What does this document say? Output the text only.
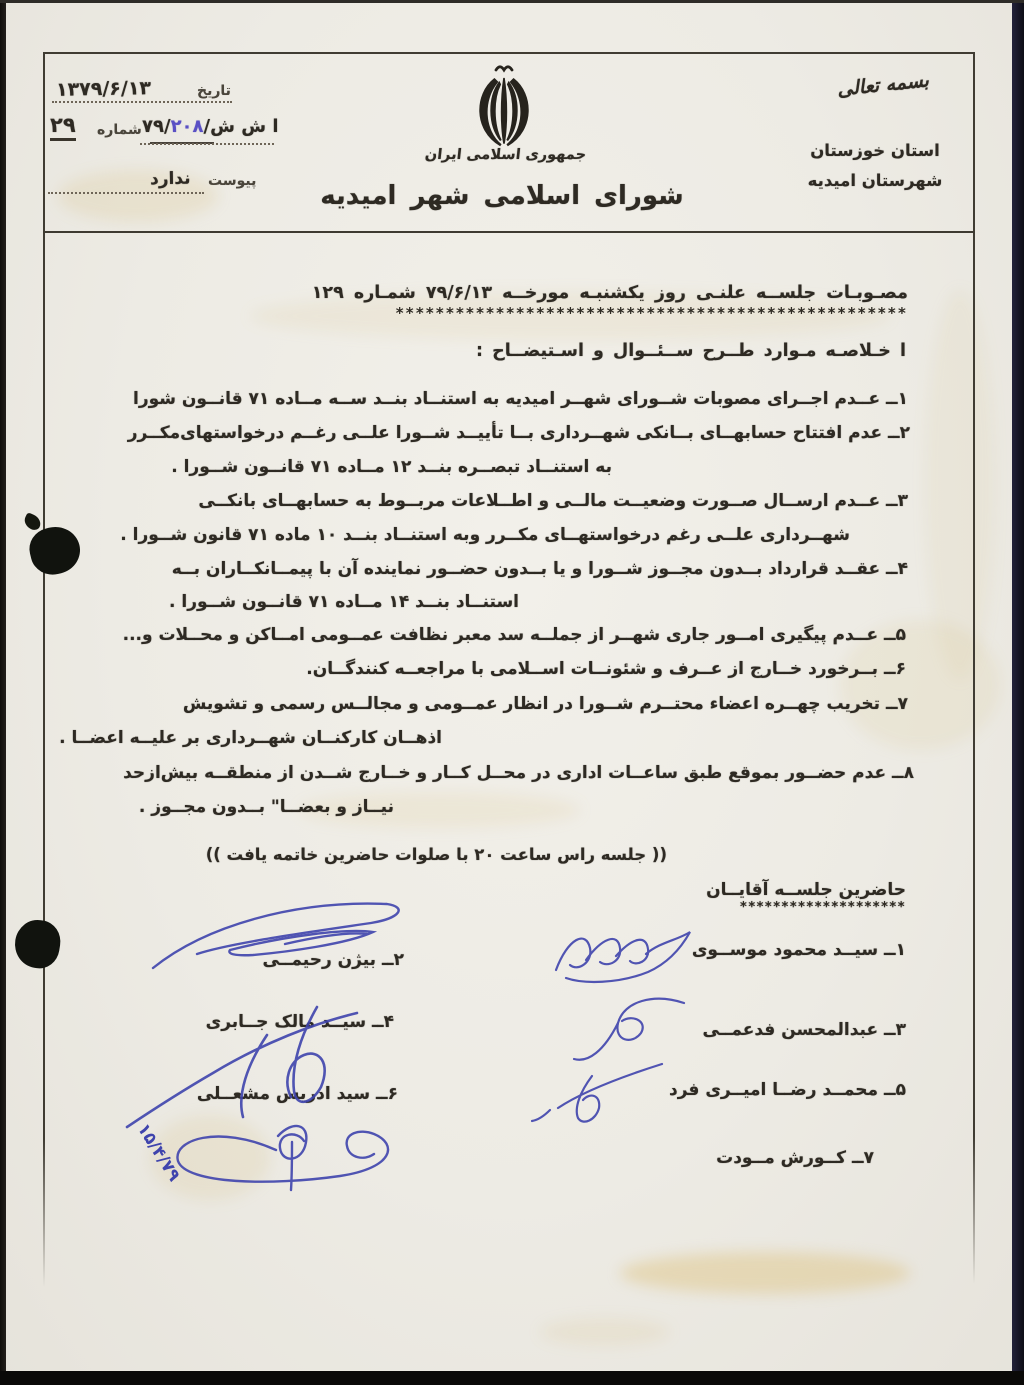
۱۳۷۹/۶/۱۳	تاریخ
۲۹ شماره ۷۹ / ۲۰۸ / ا ش ش
پیوست
ندارد
بسمه تعالی
استان خوزستان
شهرستان امیدیه
جمهوری اسلامی ایران
شورای اسلامی شهر امیدیه
مصـوبـات جلســه علنـی روز یکشنبـه مورخــه ۷۹/۶/۱۳ شمـاره ۱۲۹
***************************************************
ا خـلاصـه مـوارد طــرح ســئــوال و اسـتیضــاح :
۱ــ عــدم اجــرای مصوبات شــورای شهــر امیدیه به استنــاد بنــد ســه مــاده ۷۱ قانــون شورا
۲ــ عدم افتتاح حسابهــای بــانکی شهــرداری بــا تأییــد شــورا علــی رغــم درخواستهای‌مکــرر
به استنــاد تبصــره بنــد ۱۲ مــاده ۷۱ قانــون شــورا .
۳ــ عــدم ارســال صــورت وضعیــت مالــی و اطــلاعات مربــوط به حسابهــای بانکــی
شهــرداری علــی رغم درخواستهــای مکــرر وبه استنــاد بنــد ۱۰ ماده ۷۱ قانون شــورا .
۴ــ عقــد قرارداد بــدون مجــوز شــورا و یا بــدون حضــور نماینده آن با پیمــانکــاران بــه
استنــاد بنــد ۱۴ مــاده ۷۱ قانــون شــورا .
۵ــ عــدم پیگیری امــور جاری شهــر از جملــه سد معبر نظافت عمــومی امــاکن و محــلات و...
۶ــ بــرخورد خــارج از عــرف و شئونــات اســلامی با مراجعــه کنندگــان.
۷ــ تخریب چهــره اعضاء محتــرم شــورا در انظار عمــومی و مجالــس رسمی و تشویش
اذهــان کارکنــان شهــرداری بر علیــه اعضــا .
۸ــ عدم حضــور بموقع طبق ساعــات اداری در محــل کــار و خــارج شــدن از منطقــه بیش‌ازحد
نیــاز و بعضــا" بــدون مجــوز .
(( جلسه راس ساعت ۲۰ با صلوات حاضرین خاتمه یافت ))
حاضرین جلســه آقایــان
********************
۱ــ سیــد محمود موســوی
۳ــ عبدالمحسن فدعمــی
۵ــ محمــد رضــا امیــری فرد
۷ــ کــورش مــودت
۲ــ بیژن رحیمــی
۴ــ سیــد مالک جــابری
۶ــ سید ادریس مشعــلی
۱۵/۴/۷۹
